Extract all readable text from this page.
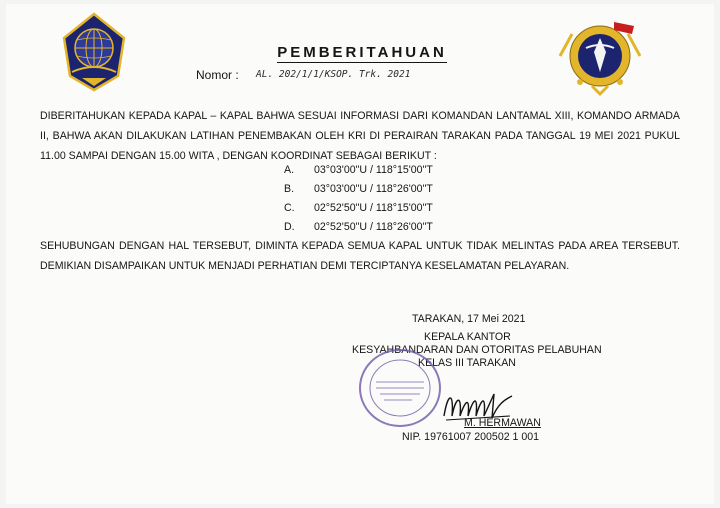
PEMBERITAHUAN
Nomor : AL. 202/1/1/KSOP. Trk. 2021
DIBERITAHUKAN KEPADA KAPAL – KAPAL BAHWA SESUAI INFORMASI DARI KOMANDAN LANTAMAL XIII, KOMANDO ARMADA II, BAHWA AKAN DILAKUKAN LATIHAN PENEMBAKAN OLEH KRI DI PERAIRAN TARAKAN PADA TANGGAL 19 MEI 2021 PUKUL 11.00 SAMPAI DENGAN 15.00 WITA , DENGAN KOORDINAT SEBAGAI BERIKUT :
A.	03°03'00"U / 118°15'00"T
B.	03°03'00"U / 118°26'00"T
C.	02°52'50"U / 118°15'00"T
D.	02°52'50"U / 118°26'00"T
SEHUBUNGAN DENGAN HAL TERSEBUT, DIMINTA KEPADA SEMUA KAPAL UNTUK TIDAK MELINTAS PADA AREA TERSEBUT. DEMIKIAN DISAMPAIKAN UNTUK MENJADI PERHATIAN DEMI TERCIPTANYA KESELAMATAN PELAYARAN.
TARAKAN, 17 Mei 2021
KEPALA KANTOR
KESYAHBANDARAN DAN OTORITAS PELABUHAN
KELAS III TARAKAN
M. HERMAWAN
NIP. 19761007 200502 1 001
